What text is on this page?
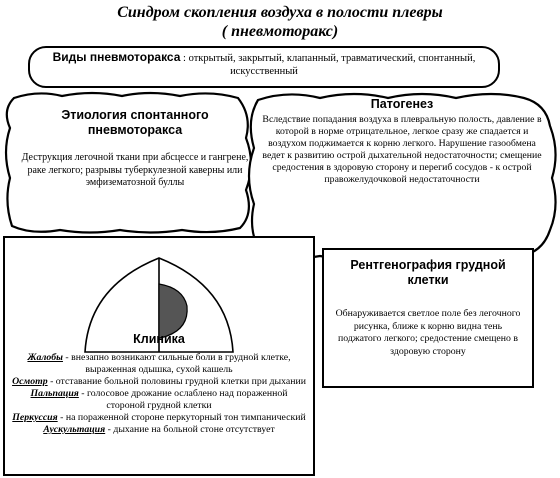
Синдром скопления воздуха в полости плевры
( пневмоторакс)
Виды пневмоторакса : открытый, закрытый, клапанный, травматический, спонтанный, искусственный
Этиология спонтанного
пневмоторакса
Деструкция легочной ткани при абсцессе и гангрене, раке легкого; разрывы туберкулезной каверны или эмфизематозной буллы
Патогенез
Вследствие попадания воздуха в плевральную полость, давление в которой в норме отрицательное, легкое сразу же спадается и воздухом поджимается к корню легкого. Нарушение газообмена ведет к развитию острой дыхательной недостаточности; смещение средостения в здоровую сторону и перегиб сосудов - к острой правожелудочковой недостаточности
Клиника
Жалобы - внезапно возникают сильные боли в грудной клетке, выраженная одышка, сухой кашель
Осмотр - отставание больной половины грудной клетки при дыхании
Пальпация - голосовое дрожание ослаблено над пораженной стороной грудной клетки
Перкуссия - на пораженной стороне перкуторный тон тимпанический
Аускультация - дыхание на больной стоне отсутствует
Рентгенография грудной клетки
Обнаруживается светлое поле без легочного рисунка, ближе к корню видна тень поджатого легкого; средостение смещено в здоровую сторону
